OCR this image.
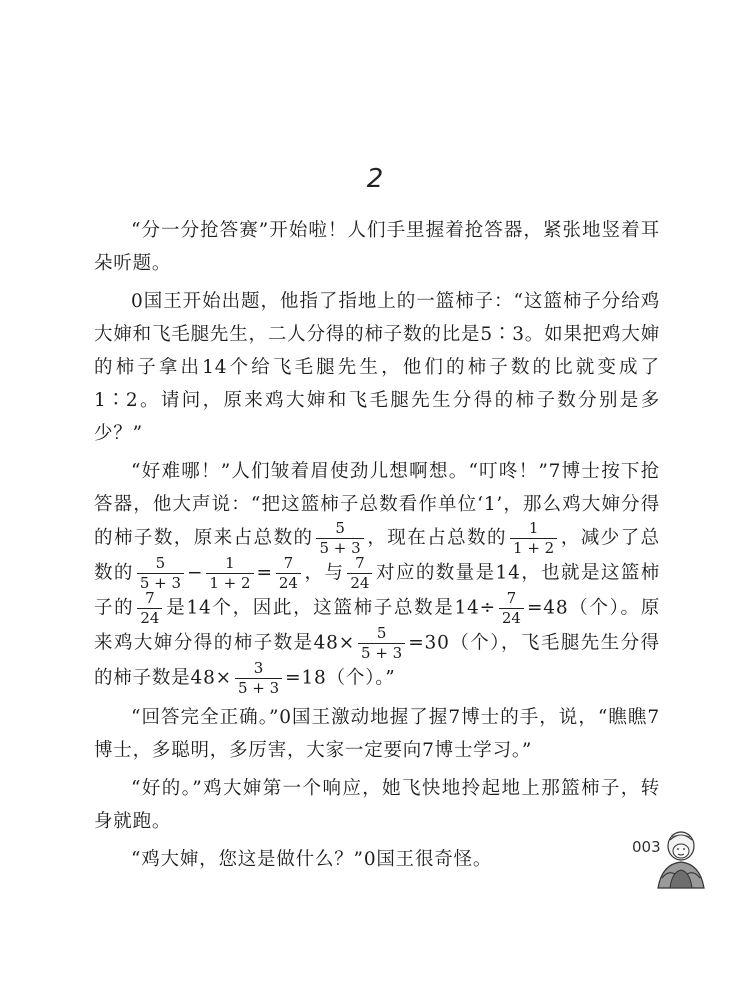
2

“分一分抢答赛”开始啦！人们手里握着抢答器，紧张地竖着耳朵听题。

0国王开始出题，他指了指地上的一篮柿子：“这篮柿子分给鸡大婶和飞毛腿先生，二人分得的柿子数的比是5∶3。如果把鸡大婶的柿子拿出14个给飞毛腿先生，他们的柿子数的比就变成了1∶2。请问，原来鸡大婶和飞毛腿先生分得的柿子数分别是多少？”

“好难哪！”人们皱着眉使劲儿想啊想。“叮咚！”7博士按下抢答器，他大声说：“把这篮柿子总数看作单位‘1’，那么鸡大婶分得的柿子数，原来占总数的 $\frac{5}{5 + 3}$ ，现在占总数的 $\frac{1}{1 + 2}$ ，减少了总数的 $\frac{5}{5 + 3} - \frac{1}{1 + 2} = \frac{7}{24}$ ，与 $\frac{7}{24}$ 对应的数量是14，也就是这篮柿子的 $\frac{7}{24}$ 是14个，因此，这篮柿子总数是$14\div \frac{7}{24} =48$（个）。原来鸡大婶分得的柿子数是$48\times \frac{5}{5 + 3} =30$（个），飞毛腿先生分得的柿子数是$48\times \frac{3}{5 + 3} =18$（个）。”

“回答完全正确。”0国王激动地握了握7博士的手，说，“瞧瞧7博士，多聪明，多厉害，大家一定要向7博士学习。”

“好的。”鸡大婶第一个响应，她飞快地拎起地上那篮柿子，转身就跑。

“鸡大婶，您这是做什么？”0国王很奇怪。

003
